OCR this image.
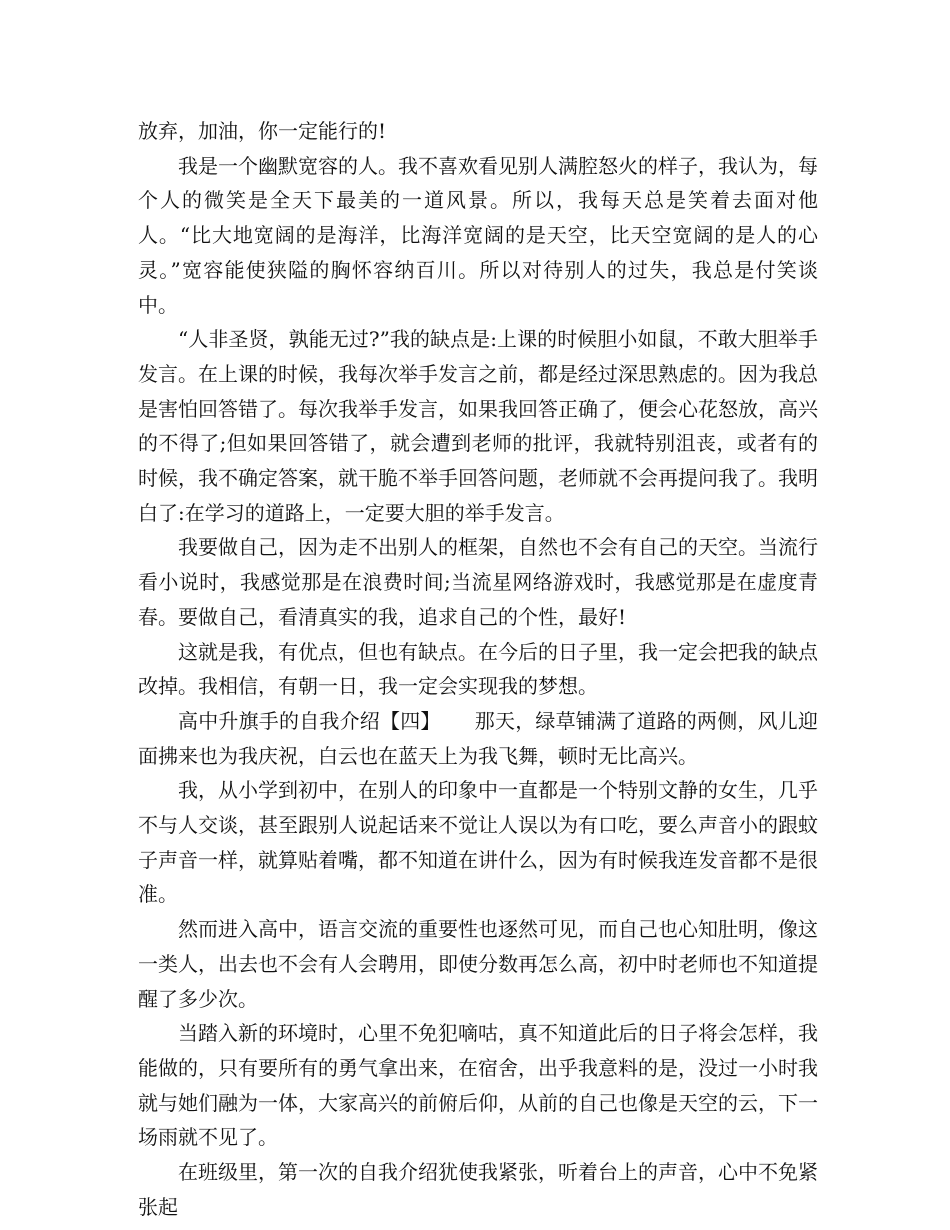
放弃，加油，你一定能行的!

我是一个幽默宽容的人。我不喜欢看见别人满腔怒火的样子，我认为，每个人的微笑是全天下最美的一道风景。所以，我每天总是笑着去面对他人。“比大地宽阔的是海洋，比海洋宽阔的是天空，比天空宽阔的是人的心灵。”宽容能使狭隘的胸怀容纳百川。所以对待别人的过失，我总是付笑谈中。

“人非圣贤，孰能无过?”我的缺点是:上课的时候胆小如鼠，不敢大胆举手发言。在上课的时候，我每次举手发言之前，都是经过深思熟虑的。因为我总是害怕回答错了。每次我举手发言，如果我回答正确了，便会心花怒放，高兴的不得了;但如果回答错了，就会遭到老师的批评，我就特别沮丧，或者有的时候，我不确定答案，就干脆不举手回答问题，老师就不会再提问我了。我明白了:在学习的道路上，一定要大胆的举手发言。

我要做自己，因为走不出别人的框架，自然也不会有自己的天空。当流行看小说时，我感觉那是在浪费时间;当流星网络游戏时，我感觉那是在虚度青春。要做自己，看清真实的我，追求自己的个性，最好!

这就是我，有优点，但也有缺点。在今后的日子里，我一定会把我的缺点改掉。我相信，有朝一日，我一定会实现我的梦想。

高中升旗手的自我介绍【四】 那天，绿草铺满了道路的两侧，风儿迎面拂来也为我庆祝，白云也在蓝天上为我飞舞，顿时无比高兴。

我，从小学到初中，在别人的印象中一直都是一个特别文静的女生，几乎不与人交谈，甚至跟别人说起话来不觉让人误以为有口吃，要么声音小的跟蚊子声音一样，就算贴着嘴，都不知道在讲什么，因为有时候我连发音都不是很准。

然而进入高中，语言交流的重要性也逐然可见，而自己也心知肚明，像这一类人，出去也不会有人会聘用，即使分数再怎么高，初中时老师也不知道提醒了多少次。

当踏入新的环境时，心里不免犯嘀咕，真不知道此后的日子将会怎样，我能做的，只有要所有的勇气拿出来，在宿舍，出乎我意料的是，没过一小时我就与她们融为一体，大家高兴的前俯后仰，从前的自己也像是天空的云，下一场雨就不见了。

在班级里，第一次的自我介绍犹使我紧张，听着台上的声音，心中不免紧张起
